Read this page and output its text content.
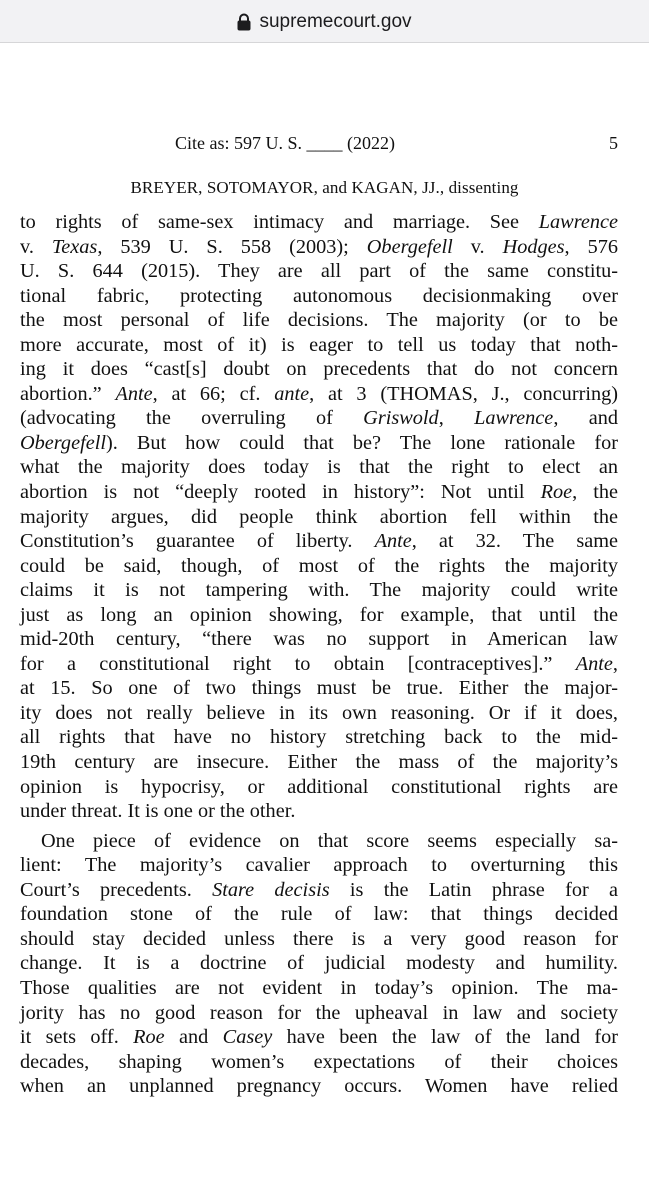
supremecourt.gov
Cite as: 597 U. S. ____ (2022)	5
BREYER, SOTOMAYOR, and KAGAN, JJ., dissenting
to rights of same-sex intimacy and marriage. See Lawrence
v. Texas, 539 U. S. 558 (2003); Obergefell v. Hodges, 576
U. S. 644 (2015). They are all part of the same constitu-
tional fabric, protecting autonomous decisionmaking over
the most personal of life decisions. The majority (or to be
more accurate, most of it) is eager to tell us today that noth-
ing it does “cast[s] doubt on precedents that do not concern
abortion.” Ante, at 66; cf. ante, at 3 (THOMAS, J., concurring)
(advocating the overruling of Griswold, Lawrence, and
Obergefell). But how could that be? The lone rationale for
what the majority does today is that the right to elect an
abortion is not “deeply rooted in history”: Not until Roe, the
majority argues, did people think abortion fell within the
Constitution’s guarantee of liberty. Ante, at 32. The same
could be said, though, of most of the rights the majority
claims it is not tampering with. The majority could write
just as long an opinion showing, for example, that until the
mid-20th century, “there was no support in American law
for a constitutional right to obtain [contraceptives].” Ante,
at 15. So one of two things must be true. Either the major-
ity does not really believe in its own reasoning. Or if it does,
all rights that have no history stretching back to the mid-
19th century are insecure. Either the mass of the majority’s
opinion is hypocrisy, or additional constitutional rights are
under threat. It is one or the other.
One piece of evidence on that score seems especially sa-
lient: The majority’s cavalier approach to overturning this
Court’s precedents. Stare decisis is the Latin phrase for a
foundation stone of the rule of law: that things decided
should stay decided unless there is a very good reason for
change. It is a doctrine of judicial modesty and humility.
Those qualities are not evident in today’s opinion. The ma-
jority has no good reason for the upheaval in law and society
it sets off. Roe and Casey have been the law of the land for
decades, shaping women’s expectations of their choices
when an unplanned pregnancy occurs. Women have relied
